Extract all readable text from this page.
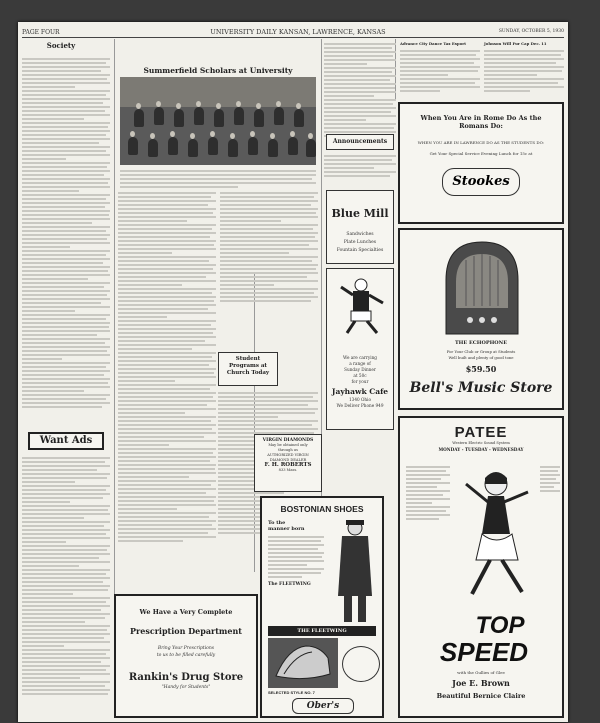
PAGE FOUR	UNIVERSITY DAILY KANSAN, LAWRENCE, KANSAS	SUNDAY, OCTOBER 5, 1930
Society
Want Ads
Summerfield Scholars at University
Student Programs at Church Today
Announcements
Blue Mill
Sandwiches
Plate Lunches
Fountain Specialties
We are carrying
a range of
Sunday Dinner
at 50c
for your
Jayhawk Cafe
1340 Ohio
We Deliver Phone 949
VIRGIN DIAMONDS
May be obtained only
through us
AUTHORIZED VIRGIN
DIAMOND DEALER
F. H. ROBERTS
833 Mass.
Advance City Dance Tax Export	Johnson Will Fur Cap Dec. 11
When You Are in Rome Do As the Romans Do:
WHEN YOU ARE IN LAWRENCE DO AS THE STUDENTS DO:
Get Your Special Service Evening Lunch for 15c at
Stookes
THE ECHOPHONE
For Your Club or Group at Students
Well built and plenty of good tone
$59.50
Bell's Music Store
BOSTONIAN SHOES
To the
manner born
The FLEETWING
THE FLEETWING
SELECTED STYLE NO. 7
Ober's
PATEE
Western Electric Sound System
MONDAY - TUESDAY - WEDNESDAY
TOP
SPEED
with the Gullies of Glee
Joe E. Brown
Beautiful Bernice Claire
We Have a Very Complete
Prescription Department
Bring Your Prescriptions
to us to be filled carefully
Rankin's Drug Store
"Handy for Students"
